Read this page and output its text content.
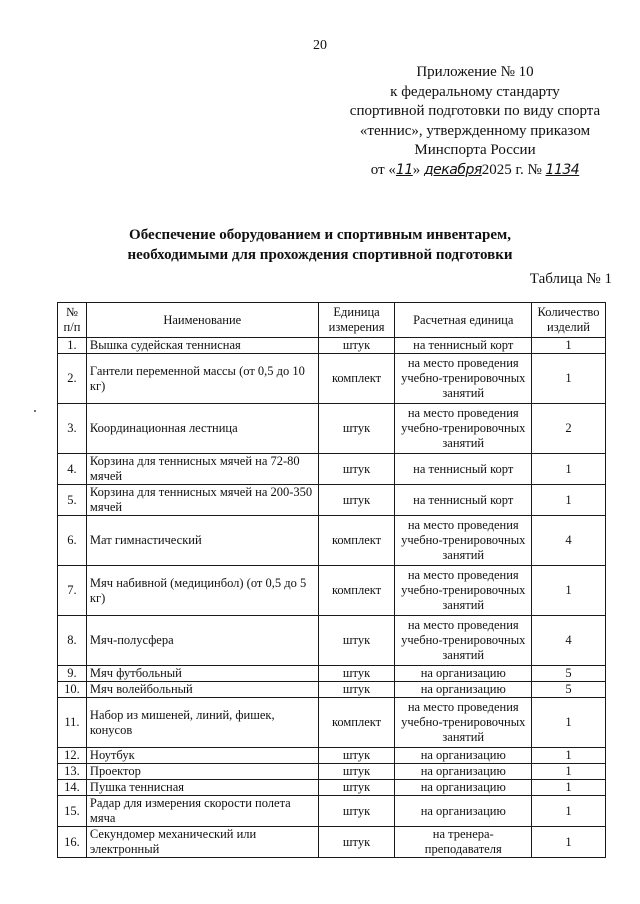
20
Приложение № 10
к федеральному стандарту
спортивной подготовки по виду спорта
«теннис», утвержденному приказом
Минспорта России
от «11» декабря2025 г. № 1134
Обеспечение оборудованием и спортивным инвентарем,
необходимыми для прохождения спортивной подготовки
Таблица № 1
№ п/п	Наименование	Единица измерения	Расчетная единица	Количество изделий
1.	Вышка судейская теннисная	штук	на теннисный корт	1
2.	Гантели переменной массы (от 0,5 до 10 кг)	комплект	на место проведения учебно-тренировочных занятий	1
3.	Координационная лестница	штук	на место проведения учебно-тренировочных занятий	2
4.	Корзина для теннисных мячей на 72-80 мячей	штук	на теннисный корт	1
5.	Корзина для теннисных мячей на 200-350 мячей	штук	на теннисный корт	1
6.	Мат гимнастический	комплект	на место проведения учебно-тренировочных занятий	4
7.	Мяч набивной (медицинбол) (от 0,5 до 5 кг)	комплект	на место проведения учебно-тренировочных занятий	1
8.	Мяч-полусфера	штук	на место проведения учебно-тренировочных занятий	4
9.	Мяч футбольный	штук	на организацию	5
10.	Мяч волейбольный	штук	на организацию	5
11.	Набор из мишеней, линий, фишек, конусов	комплект	на место проведения учебно-тренировочных занятий	1
12.	Ноутбук	штук	на организацию	1
13.	Проектор	штук	на организацию	1
14.	Пушка теннисная	штук	на организацию	1
15.	Радар для измерения скорости полета мяча	штук	на организацию	1
16.	Секундомер механический или электронный	штук	на тренера-преподавателя	1
